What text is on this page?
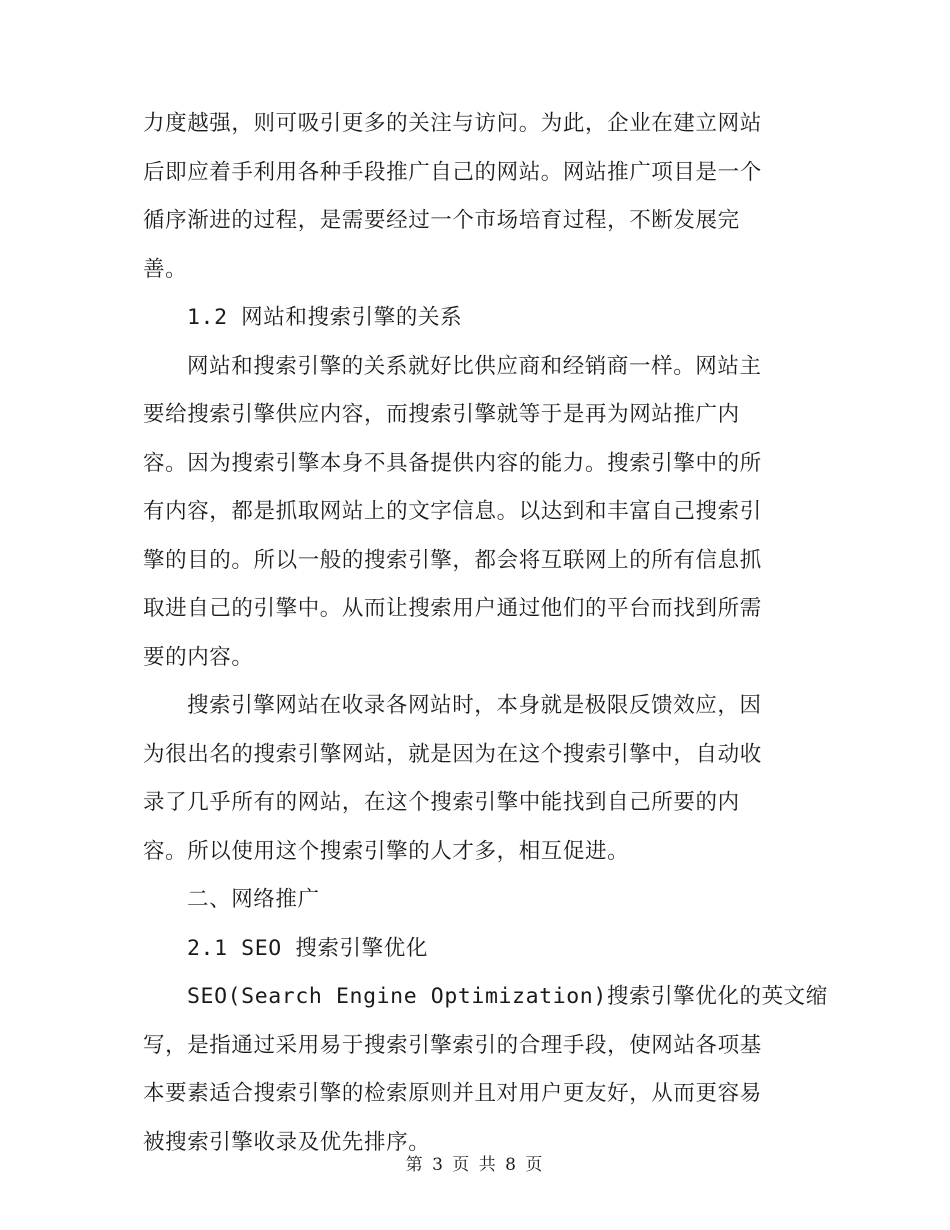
力度越强，则可吸引更多的关注与访问。为此，企业在建立网站
后即应着手利用各种手段推广自己的网站。网站推广项目是一个
循序渐进的过程，是需要经过一个市场培育过程，不断发展完
善。
1.2 网站和搜索引擎的关系
网站和搜索引擎的关系就好比供应商和经销商一样。网站主
要给搜索引擎供应内容，而搜索引擎就等于是再为网站推广内
容。因为搜索引擎本身不具备提供内容的能力。搜索引擎中的所
有内容，都是抓取网站上的文字信息。以达到和丰富自己搜索引
擎的目的。所以一般的搜索引擎，都会将互联网上的所有信息抓
取进自己的引擎中。从而让搜索用户通过他们的平台而找到所需
要的内容。
搜索引擎网站在收录各网站时，本身就是极限反馈效应，因
为很出名的搜索引擎网站，就是因为在这个搜索引擎中，自动收
录了几乎所有的网站，在这个搜索引擎中能找到自己所要的内
容。所以使用这个搜索引擎的人才多，相互促进。
二、网络推广
2.1 SEO 搜索引擎优化
SEO(Search Engine Optimization)搜索引擎优化的英文缩
写，是指通过采用易于搜索引擎索引的合理手段，使网站各项基
本要素适合搜索引擎的检索原则并且对用户更友好，从而更容易
被搜索引擎收录及优先排序。
第 3 页 共 8 页
